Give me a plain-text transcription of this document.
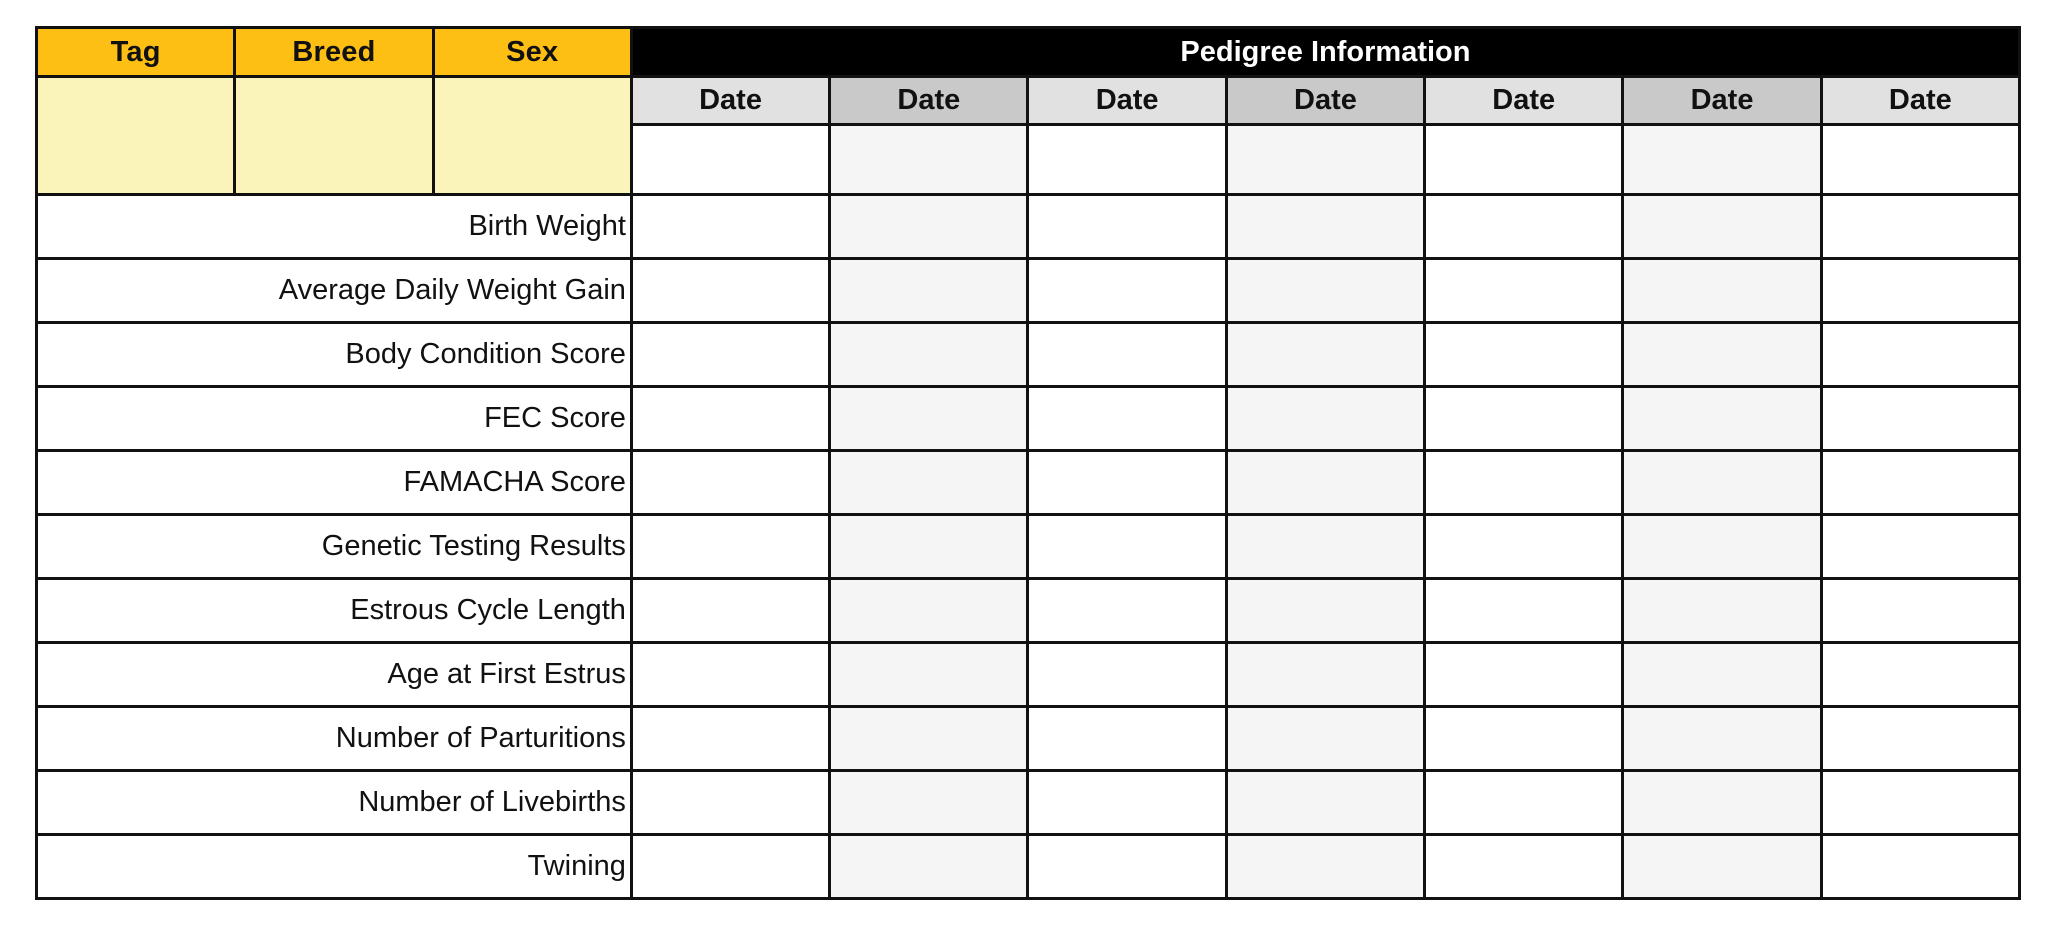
Tag	Breed	Sex	Pedigree Information						
			Date	Date	Date	Date	Date	Date	Date

Birth Weight									
Average Daily Weight Gain									
Body Condition Score									
FEC Score									
FAMACHA Score									
Genetic Testing Results									
Estrous Cycle Length									
Age at First Estrus									
Number of Parturitions									
Number of Livebirths									
Twining									
